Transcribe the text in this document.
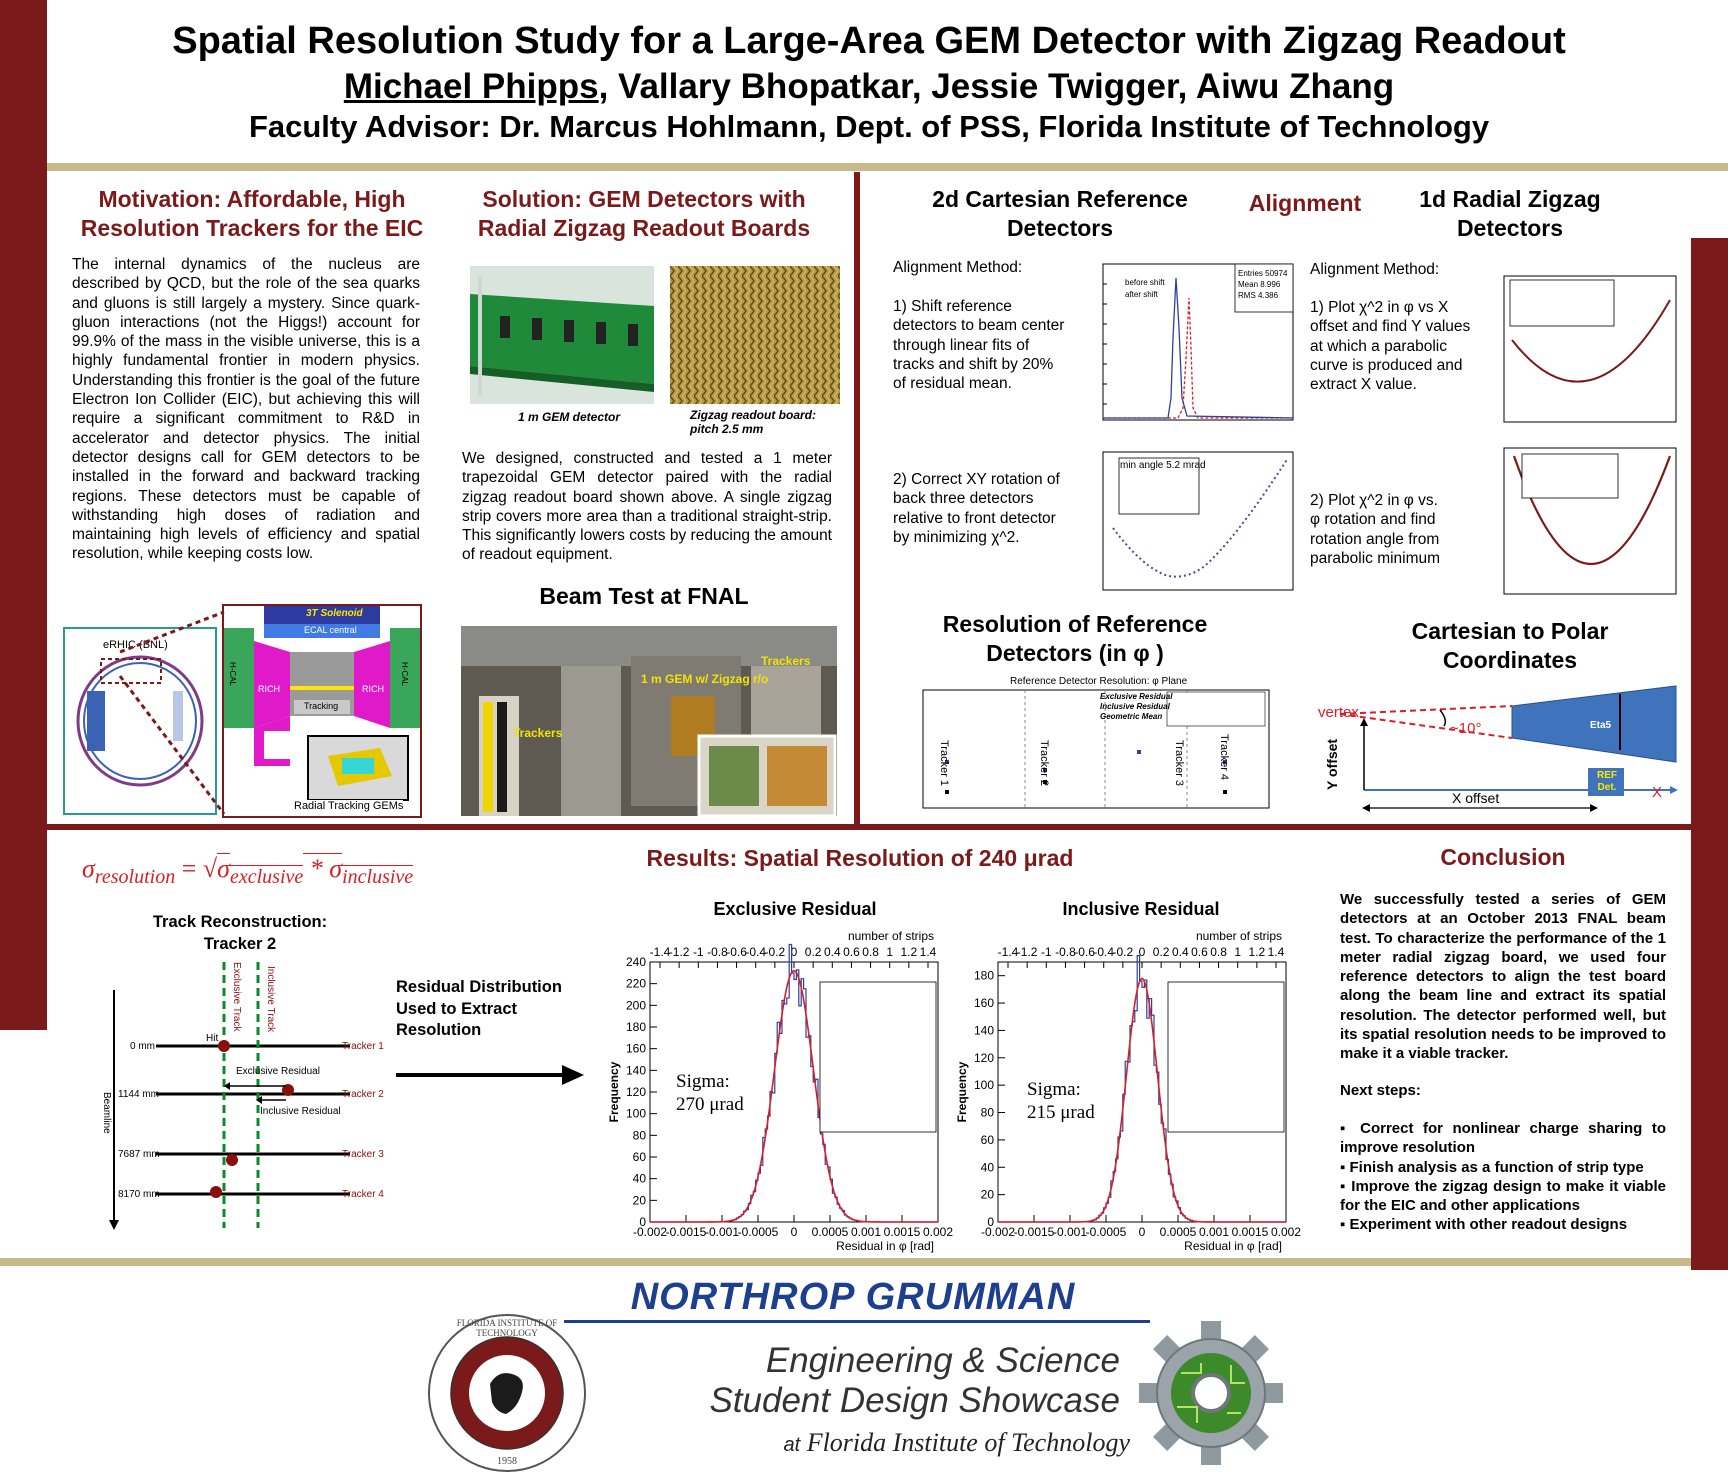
Spatial Resolution Study for a Large-Area GEM Detector with Zigzag Readout
Michael Phipps, Vallary Bhopatkar, Jessie Twigger, Aiwu Zhang
Faculty Advisor: Dr. Marcus Hohlmann, Dept. of PSS, Florida Institute of Technology
Motivation: Affordable, High Resolution Trackers for the EIC
The internal dynamics of the nucleus are described by QCD, but the role of the sea quarks and gluons is still largely a mystery. Since quark-gluon interactions (not the Higgs!) account for 99.9% of the mass in the visible universe, this is a highly fundamental frontier in modern physics. Understanding this frontier is the goal of the future Electron Ion Collider (EIC), but achieving this will require a significant commitment to R&D in accelerator and detector physics. The initial detector designs call for GEM detectors to be installed in the forward and backward tracking regions. These detectors must be capable of withstanding high doses of radiation and maintaining high levels of efficiency and spatial resolution, while keeping costs low.
eRHIC (BNL)
3T Solenoid
ECAL central
RICH	RICH
H-CAL	H-CAL
Tracking
Radial Tracking GEMs
Solution: GEM Detectors with Radial Zigzag Readout Boards
1 m GEM detector	Zigzag readout board: pitch 2.5 mm
We designed, constructed and tested a 1 meter trapezoidal GEM detector paired with the radial zigzag readout board shown above. A single zigzag strip covers more area than a traditional straight-strip. This significantly lowers costs by reducing the amount of readout equipment.
Beam Test at FNAL
Trackers
1 m GEM w/ Zigzag r/o
Trackers
2d Cartesian Reference Detectors
Alignment	1d Radial Zigzag Detectors
Alignment Method:
1) Shift reference detectors to beam center through linear fits of tracks and shift by 20% of residual mean.
2) Correct XY rotation of back three detectors relative to front detector by minimizing χ^2.
Alignment Method:
1) Plot χ^2 in φ vs X offset and find Y values at which a parabolic curve is produced and extract X value.
2) Plot χ^2 in φ vs. φ rotation and find rotation angle from parabolic minimum
before shift
after shift
Entries 50974
Mean 8.996
RMS 4.386
min angle 5.2 mrad
Resolution of Reference Detectors (in φ )
Reference Detector Resolution: φ Plane
Exclusive Residual
Inclusive Residual
Geometric Mean
Tracker 1	Tracker 2	Tracker 3	Tracker 4
Cartesian to Polar Coordinates
vertex
~10°
Y offset
X offset	X
Eta5
REF Det.
$\sigma_{resolution} = √\sigma_{exclusive} * \sigma_{inclusive}$
Track Reconstruction: Tracker 2
Exclusive Track Inclusive Track
Hit
Exclusive Residual
Inclusive Residual
Beamline
0 mm
1144 mm
7687 mm
8170 mm
Tracker 1
Tracker 2
Tracker 3
Tracker 4
Residual Distribution Used to Extract Resolution
Results: Spatial Resolution of 240 μrad
Exclusive Residual	Inclusive Residual
0
20
40
60
80
100
120
140
160
180
200
220
240
-0.002
-0.0015
-0.001
-0.0005 0 0.0005 0.001 0.0015 0.002
-1.4
-1.2 -1 -0.8
-0.6
-0.4
-0.2 0 0.2 0.4 0.6 0.8 1 1.2 1.4
number of strips
Residual in φ [rad]
Frequency
0
20
40
60
80
100
120
140
160
180
-0.002
-0.0015
-0.001
-0.0005 0 0.0005 0.001 0.0015 0.002
-1.4
-1.2 -1 -0.8
-0.6
-0.4
-0.2 0 0.2 0.4 0.6 0.8 1 1.2 1.4
number of strips
Residual in φ [rad]
Frequency
Sigma:
270 μrad
Sigma:
215 μrad
Conclusion
We successfully tested a series of GEM detectors at an October 2013 FNAL beam test. To characterize the performance of the 1 meter radial zigzag board, we used four reference detectors to align the test board along the beam line and extract its spatial resolution. The detector performed well, but its spatial resolution needs to be improved to make it a viable tracker.
Next steps:
▪ Correct for nonlinear charge sharing to improve resolution
▪ Finish analysis as a function of strip type
▪ Improve the zigzag design to make it viable for the EIC and other applications
▪ Experiment with other readout designs
NORTHROP GRUMMAN
FLORIDA INSTITUTE OF TECHNOLOGY
1958
Engineering & Science
Student Design Showcase
at Florida Institute of Technology
